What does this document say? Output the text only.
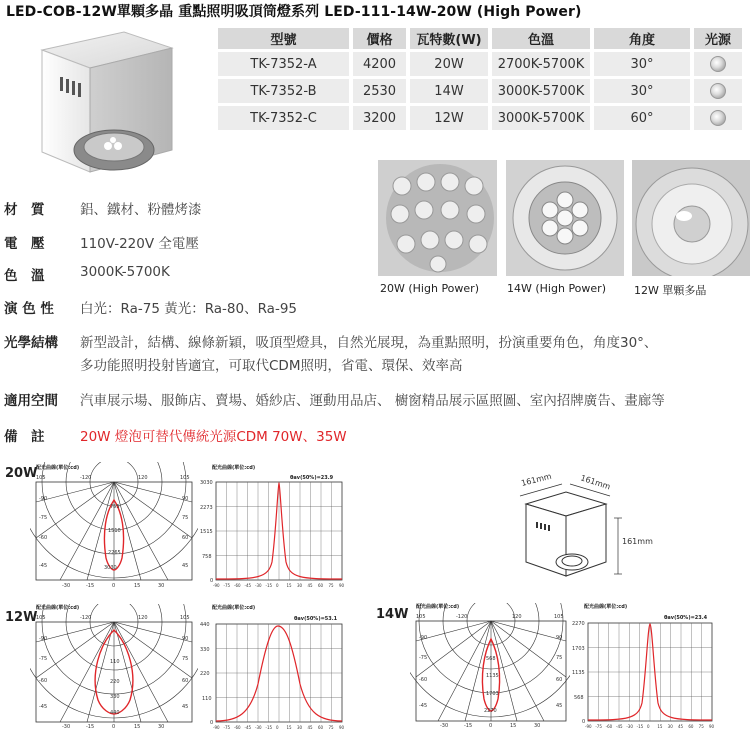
LED-COB-12W單顆多晶 重點照明吸頂筒燈系列 LED-111-14W-20W (High Power)
型號	價格	瓦特數(W)	色溫	角度	光源
TK-7352-A	4200	20W	2700K-5700K	30°	
TK-7352-B	2530	14W	3000K-5700K	30°	
TK-7352-C	3200	12W	3000K-5700K	60°	
20W (High Power)	14W (High Power)	12W 單顆多晶
材　質	鋁、鐵材、粉體烤漆
電　壓	110V-220V 全電壓
色　溫	3000K-5700K
演 色 性 白光：Ra-75 黃光：Ra-80、Ra-95
光學結構 新型設計，結構、線條新穎，吸頂型燈具，自然光展現，為重點照明，扮演重要角色，角度30°、
多功能照明投射皆適宜，可取代CDM照明，省電、環保、效率高
適用空間 汽車展示場、服飾店、賣場、婚紗店、運動用品店、 櫥窗精品展示區照圖、室內招牌廣告、畫廊等
備　註	20W 燈泡可替代傳統光源CDM 70W、35W
20W
12W	14W
配光曲線(單位:cd)
105	-120	120	105
-90
-75
-60
-45
90
75
60
45
-30	-15	0	15	30
755
1510
2265
3030
配光曲線(單位:cd)
θav(50%)=23.9
3030
2273
1515
758
0
-90 -75 -60 -45 -30 -15 0 15 30 45 60 75 90
161mm	161mm
161mm
配光曲線(單位:cd)
105	-120	120	105
-90
-75
-60
-45
90
75
60
45
-30	-15	0	15	30
110
220
330
440
配光曲線(單位:cd)
θav(50%)=53.1
440
330
220
110
0
-90 -75 -60 -45 -30 -15 0 15 30 45 60 75 90
配光曲線(單位:cd)
105	-120	120	105
-90
-75
-60
-45
90
75
60
45
-30	-15	0	15	30
568
1135
1703
2270
配光曲線(單位:cd)
θav(50%)=23.4
2270
1703
1135
568
0
-90 -75 -60 -45 -30 -15 0 15 30 45 60 75 90
